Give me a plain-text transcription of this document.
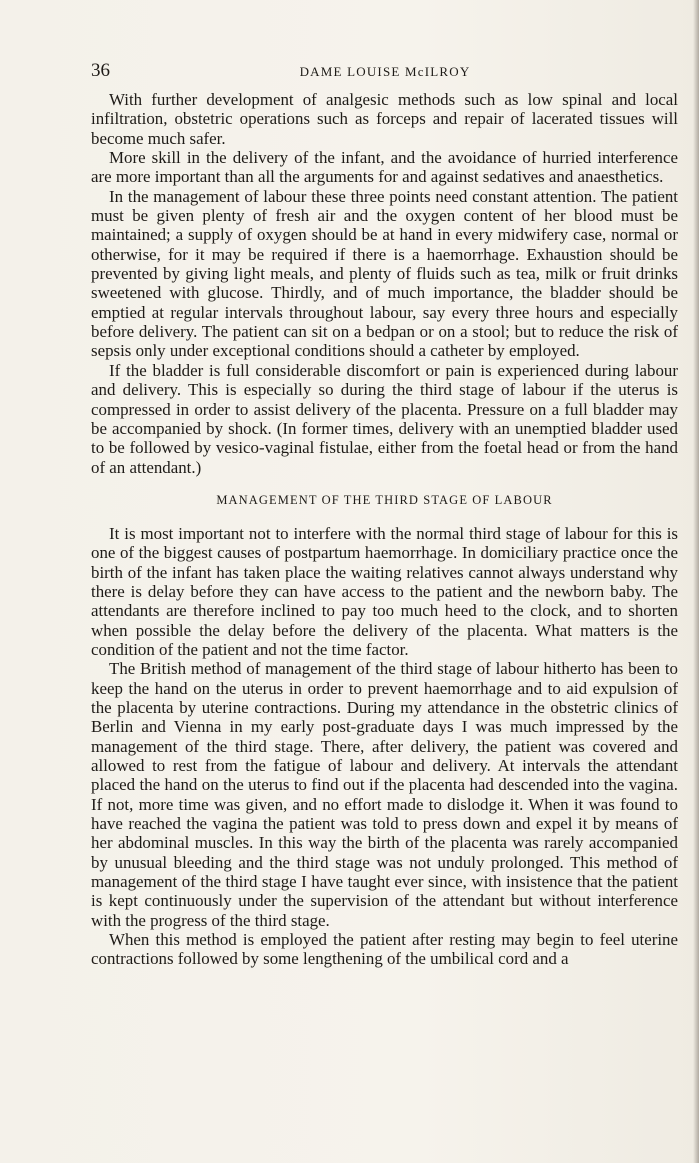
36	DAME LOUISE McILROY

With further development of analgesic methods such as low spinal and local infiltration, obstetric operations such as forceps and repair of lacerated tissues will become much safer.

More skill in the delivery of the infant, and the avoidance of hurried interference are more important than all the arguments for and against sedatives and anaesthetics.

In the management of labour these three points need constant attention. The patient must be given plenty of fresh air and the oxygen content of her blood must be maintained; a supply of oxygen should be at hand in every midwifery case, normal or otherwise, for it may be required if there is a haemorrhage. Exhaustion should be prevented by giving light meals, and plenty of fluids such as tea, milk or fruit drinks sweetened with glucose. Thirdly, and of much importance, the bladder should be emptied at regular intervals throughout labour, say every three hours and especially before delivery. The patient can sit on a bedpan or on a stool; but to reduce the risk of sepsis only under exceptional conditions should a catheter by employed.

If the bladder is full considerable discomfort or pain is experienced during labour and delivery. This is especially so during the third stage of labour if the uterus is compressed in order to assist delivery of the placenta. Pressure on a full bladder may be accompanied by shock. (In former times, delivery with an unemptied bladder used to be followed by vesico-vaginal fistulae, either from the foetal head or from the hand of an attendant.)

MANAGEMENT OF THE THIRD STAGE OF LABOUR

It is most important not to interfere with the normal third stage of labour for this is one of the biggest causes of postpartum haemorrhage. In domiciliary practice once the birth of the infant has taken place the waiting relatives cannot always understand why there is delay before they can have access to the patient and the newborn baby. The attendants are therefore inclined to pay too much heed to the clock, and to shorten when possible the delay before the delivery of the placenta. What matters is the condition of the patient and not the time factor.

The British method of management of the third stage of labour hitherto has been to keep the hand on the uterus in order to prevent haemorrhage and to aid expulsion of the placenta by uterine contractions. During my attendance in the obstetric clinics of Berlin and Vienna in my early post-graduate days I was much impressed by the management of the third stage. There, after delivery, the patient was covered and allowed to rest from the fatigue of labour and delivery. At intervals the attendant placed the hand on the uterus to find out if the placenta had descended into the vagina. If not, more time was given, and no effort made to dislodge it. When it was found to have reached the vagina the patient was told to press down and expel it by means of her abdominal muscles. In this way the birth of the placenta was rarely accompanied by unusual bleeding and the third stage was not unduly prolonged. This method of management of the third stage I have taught ever since, with insistence that the patient is kept continuously under the supervision of the attendant but without interference with the progress of the third stage.

When this method is employed the patient after resting may begin to feel uterine contractions followed by some lengthening of the umbilical cord and a
